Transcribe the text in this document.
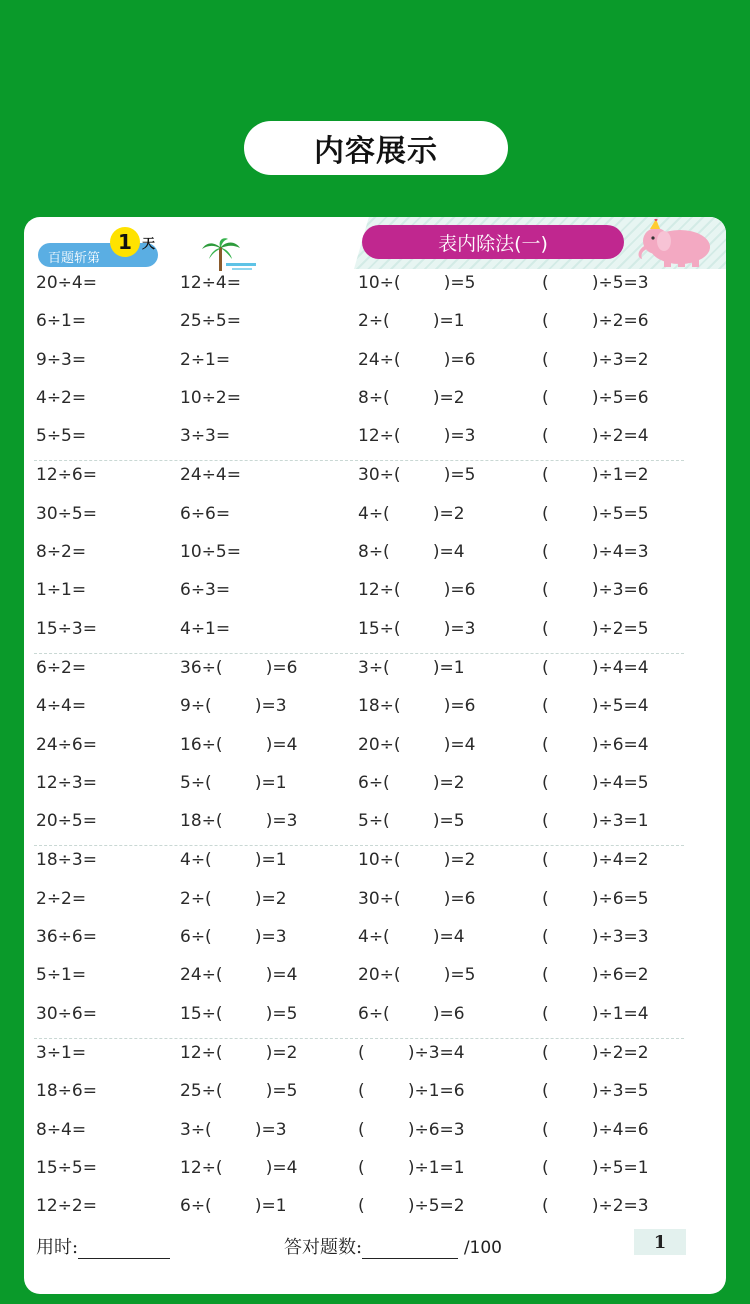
内容展示
百题斩第
1 天	表内除法(一)
20÷4=	12÷4=	10÷(        )=5	(        )÷5=3
6÷1=	25÷5=	2÷(        )=1	(        )÷2=6
9÷3=	2÷1=	24÷(        )=6	(        )÷3=2
4÷2=	10÷2=	8÷(        )=2	(        )÷5=6
5÷5=	3÷3=	12÷(        )=3	(        )÷2=4
12÷6=	24÷4=	30÷(        )=5	(        )÷1=2
30÷5=	6÷6=	4÷(        )=2	(        )÷5=5
8÷2=	10÷5=	8÷(        )=4	(        )÷4=3
1÷1=	6÷3=	12÷(        )=6	(        )÷3=6
15÷3=	4÷1=	15÷(        )=3	(        )÷2=5
6÷2=	36÷(        )=6	3÷(        )=1	(        )÷4=4
4÷4=	9÷(        )=3	18÷(        )=6	(        )÷5=4
24÷6=	16÷(        )=4	20÷(        )=4	(        )÷6=4
12÷3=	5÷(        )=1	6÷(        )=2	(        )÷4=5
20÷5=	18÷(        )=3	5÷(        )=5	(        )÷3=1
18÷3=	4÷(        )=1	10÷(        )=2	(        )÷4=2
2÷2=	2÷(        )=2	30÷(        )=6	(        )÷6=5
36÷6=	6÷(        )=3	4÷(        )=4	(        )÷3=3
5÷1=	24÷(        )=4	20÷(        )=5	(        )÷6=2
30÷6=	15÷(        )=5	6÷(        )=6	(        )÷1=4
3÷1=	12÷(        )=2	(        )÷3=4	(        )÷2=2
18÷6=	25÷(        )=5	(        )÷1=6	(        )÷3=5
8÷4=	3÷(        )=3	(        )÷6=3	(        )÷4=6
15÷5=	12÷(        )=4	(        )÷1=1	(        )÷5=1
12÷2=	6÷(        )=1	(        )÷5=2	(        )÷2=3
用时:	答对题数:	/100	1
